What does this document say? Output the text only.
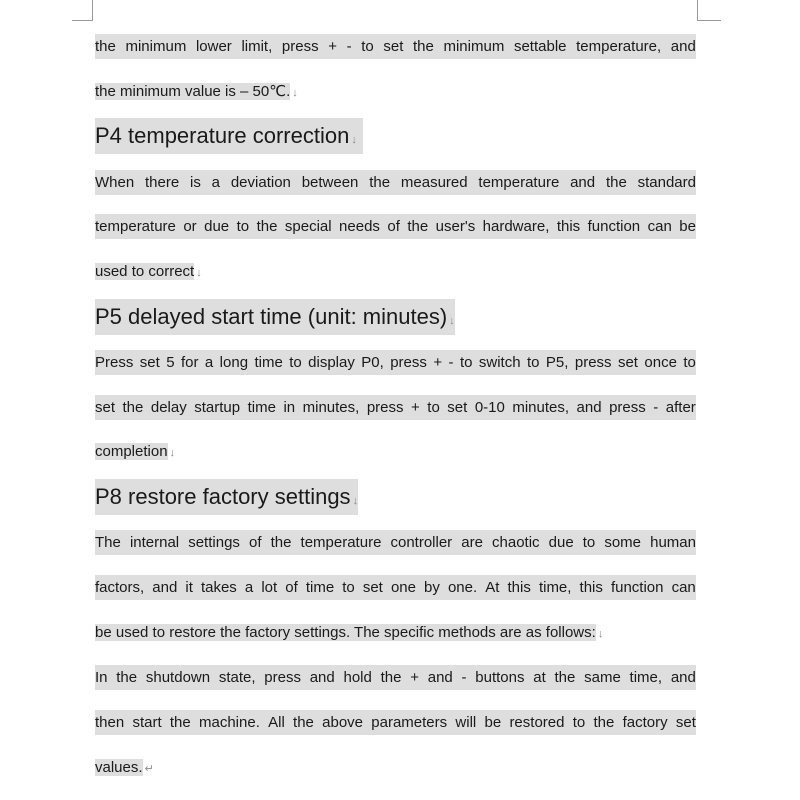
the minimum lower limit, press + - to set the minimum settable temperature, and
the minimum value is – 50℃. ↓
P4 temperature correction ↓
When there is a deviation between the measured temperature and the standard
temperature or due to the special needs of the user's hardware, this function can be
used to correct ↓
P5 delayed start time (unit: minutes) ↓
Press set 5 for a long time to display P0, press + - to switch to P5, press set once to
set the delay startup time in minutes, press + to set 0-10 minutes, and press - after
completion ↓
P8 restore factory settings ↓
The internal settings of the temperature controller are chaotic due to some human
factors, and it takes a lot of time to set one by one. At this time, this function can
be used to restore the factory settings. The specific methods are as follows: ↓
In the shutdown state, press and hold the + and - buttons at the same time, and
then start the machine. All the above parameters will be restored to the factory set
values. ↵
